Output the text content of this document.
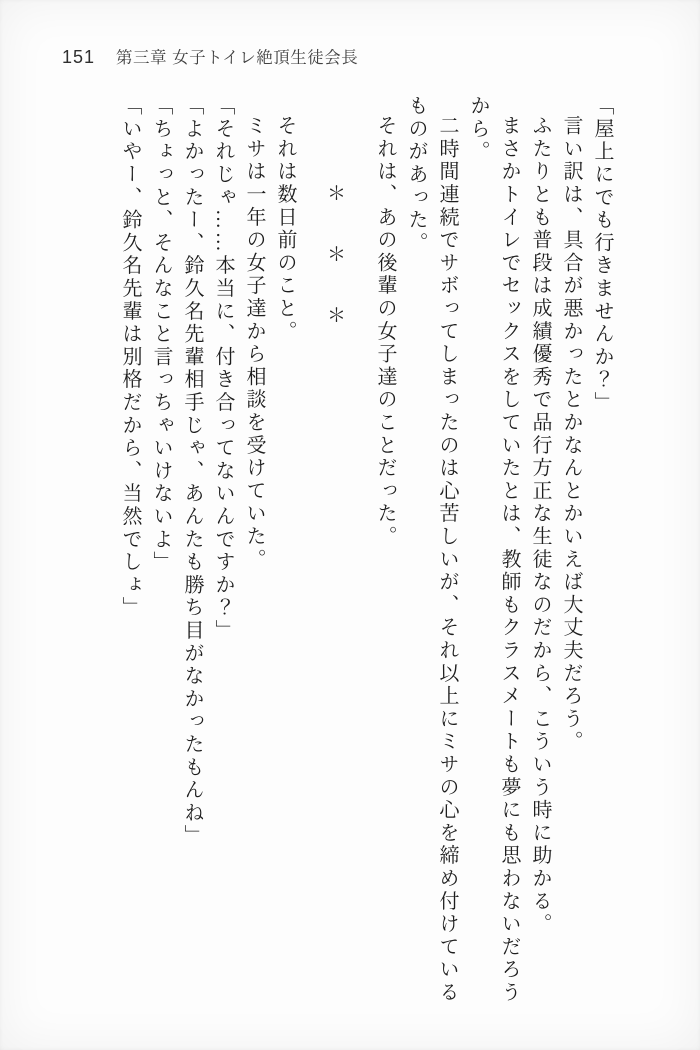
151 第三章 女子トイレ絶頂生徒会長

「屋上にでも行きませんか？」

言い訳は、具合が悪かったとかなんとかいえば大丈夫だろう。

ふたりとも普段は成績優秀で品行方正な生徒なのだから、こういう時に助かる。

まさかトイレでセックスをしていたとは、教師もクラスメートも夢にも思わないだろうから。

二時間連続でサボってしまったのは心苦しいが、それ以上にミサの心を締め付けているものがあった。

それは、あの後輩の女子達のことだった。

＊＊＊

それは数日前のこと。

ミサは一年の女子達から相談を受けていた。

「それじゃ……本当に、付き合ってないんですか？」

「よかったー、鈴久名先輩相手じゃ、あんたも勝ち目がなかったもんね」

「ちょっと、そんなこと言っちゃいけないよ」

「いやー、鈴久名先輩は別格だから、当然でしょ」
